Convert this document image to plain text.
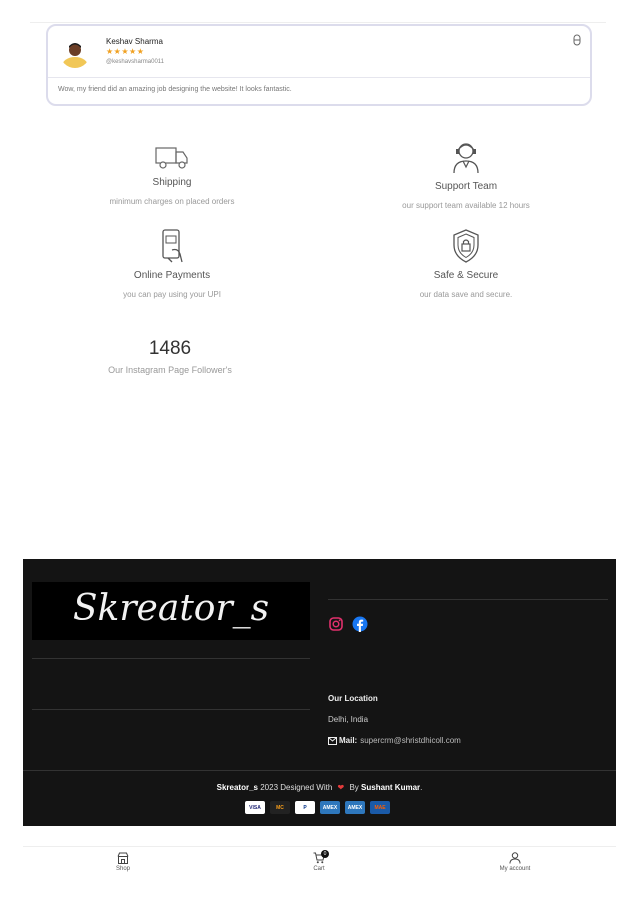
Keshav Sharma
★★★★★
@keshavsharma0011
Wow, my friend did an amazing job designing the website! It looks fantastic.
Shipping
minimum charges on placed orders
Support Team
our support team available 12 hours
Online Payments
you can pay using your UPI
Safe & Secure
our data save and secure.
1486
Our Instagram Page Follower's
Skreator_s
Our Location
Delhi, India
Mail: supercrm@shristdhicoll.com
Skreator_s 2023 Designed With ❤ By Sushant Kumar.
VISA	MC	P	AMEX	AMEX	MAE
Shop
0
Cart	My account
